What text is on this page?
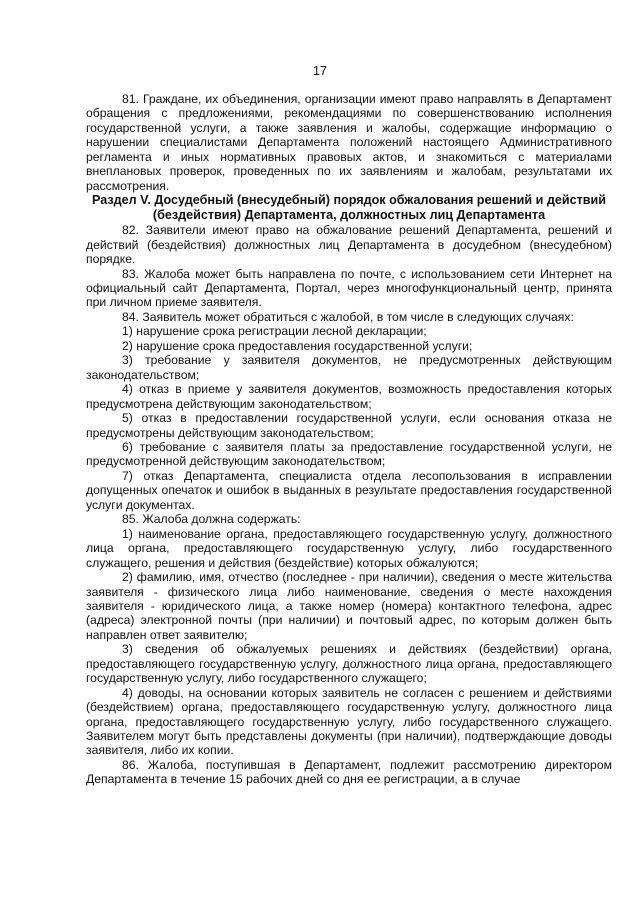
17

81. Граждане, их объединения, организации имеют право направлять в Департамент обращения с предложениями, рекомендациями по совершенствованию исполнения государственной услуги, а также заявления и жалобы, содержащие информацию о нарушении специалистами Департамента положений настоящего Административного регламента и иных нормативных правовых актов, и знакомиться с материалами внеплановых проверок, проведенных по их заявлениям и жалобам, результатами их рассмотрения.

Раздел V. Досудебный (внесудебный) порядок обжалования решений и действий (бездействия) Департамента, должностных лиц Департамента

82. Заявители имеют право на обжалование решений Департамента, решений и действий (бездействия) должностных лиц Департамента в досудебном (внесудебном) порядке.

83. Жалоба может быть направлена по почте, с использованием сети Интернет на официальный сайт Департамента, Портал, через многофункциональный центр, принята при личном приеме заявителя.

84. Заявитель может обратиться с жалобой, в том числе в следующих случаях:

1) нарушение срока регистрации лесной декларации;

2) нарушение срока предоставления государственной услуги;

3) требование у заявителя документов, не предусмотренных действующим законодательством;

4) отказ в приеме у заявителя документов, возможность предоставления которых предусмотрена действующим законодательством;

5) отказ в предоставлении государственной услуги, если основания отказа не предусмотрены действующим законодательством;

6) требование с заявителя платы за предоставление государственной услуги, не предусмотренной действующим законодательством;

7) отказ Департамента, специалиста отдела лесопользования в исправлении допущенных опечаток и ошибок в выданных в результате предоставления государственной услуги документах.

85. Жалоба должна содержать:

1) наименование органа, предоставляющего государственную услугу, должностного лица органа, предоставляющего государственную услугу, либо государственного служащего, решения и действия (бездействие) которых обжалуются;

2) фамилию, имя, отчество (последнее - при наличии), сведения о месте жительства заявителя - физического лица либо наименование, сведения о месте нахождения заявителя - юридического лица, а также номер (номера) контактного телефона, адрес (адреса) электронной почты (при наличии) и почтовый адрес, по которым должен быть направлен ответ заявителю;

3) сведения об обжалуемых решениях и действиях (бездействии) органа, предоставляющего государственную услугу, должностного лица органа, предоставляющего государственную услугу, либо государственного служащего;

4) доводы, на основании которых заявитель не согласен с решением и действиями (бездействием) органа, предоставляющего государственную услугу, должностного лица органа, предоставляющего государственную услугу, либо государственного служащего. Заявителем могут быть представлены документы (при наличии), подтверждающие доводы заявителя, либо их копии.

86. Жалоба, поступившая в Департамент, подлежит рассмотрению директором Департамента в течение 15 рабочих дней со дня ее регистрации, а в случае
